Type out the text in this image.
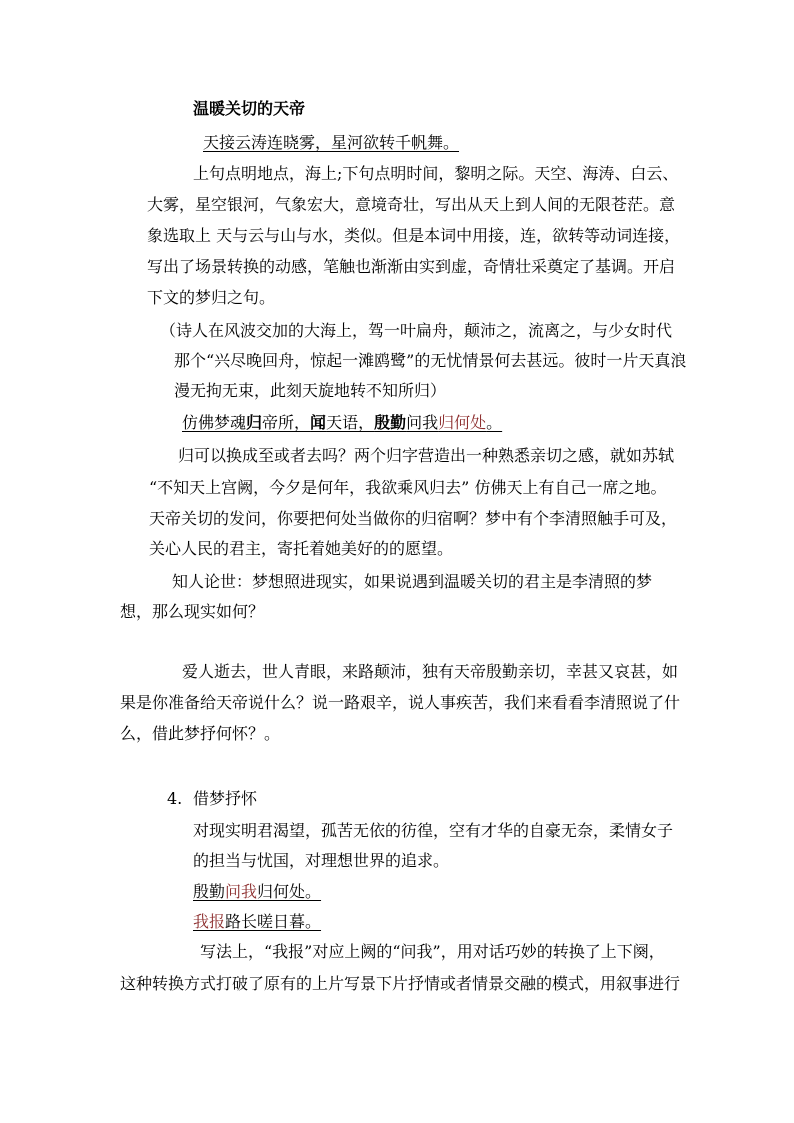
温暖关切的天帝
天接云涛连晓雾，星河欲转千帆舞。
上句点明地点，海上;下句点明时间，黎明之际。天空、海涛、白云、
大雾，星空银河，气象宏大，意境奇壮，写出从天上到人间的无限苍茫。意
象选取上 天与云与山与水，类似。但是本词中用接，连，欲转等动词连接，
写出了场景转换的动感，笔触也渐渐由实到虚，奇情壮采奠定了基调。开启
下文的梦归之句。
（诗人在风波交加的大海上，驾一叶扁舟，颠沛之，流离之，与少女时代
那个“兴尽晚回舟，惊起一滩鸥鹭”的无忧情景何去甚远。彼时一片天真浪
漫无拘无束，此刻天旋地转不知所归）
仿佛梦魂归帝所，闻天语，殷勤问我归何处。
归可以换成至或者去吗？两个归字营造出一种熟悉亲切之感，就如苏轼
“不知天上宫阙，今夕是何年，我欲乘风归去” 仿佛天上有自己一席之地。
天帝关切的发问，你要把何处当做你的归宿啊？梦中有个李清照触手可及，
关心人民的君主，寄托着她美好的的愿望。
知人论世：梦想照进现实，如果说遇到温暖关切的君主是李清照的梦
想，那么现实如何？
爱人逝去，世人青眼，来路颠沛，独有天帝殷勤亲切，幸甚又哀甚，如
果是你准备给天帝说什么？说一路艰辛，说人事疾苦，我们来看看李清照说了什
么，借此梦抒何怀？。
4. 借梦抒怀
对现实明君渴望，孤苦无依的彷徨，空有才华的自豪无奈，柔情女子
的担当与忧国，对理想世界的追求。
殷勤问我归何处。
我报路长嗟日暮。
写法上，“我报”对应上阙的“问我”，用对话巧妙的转换了上下阕，
这种转换方式打破了原有的上片写景下片抒情或者情景交融的模式，用叙事进行
